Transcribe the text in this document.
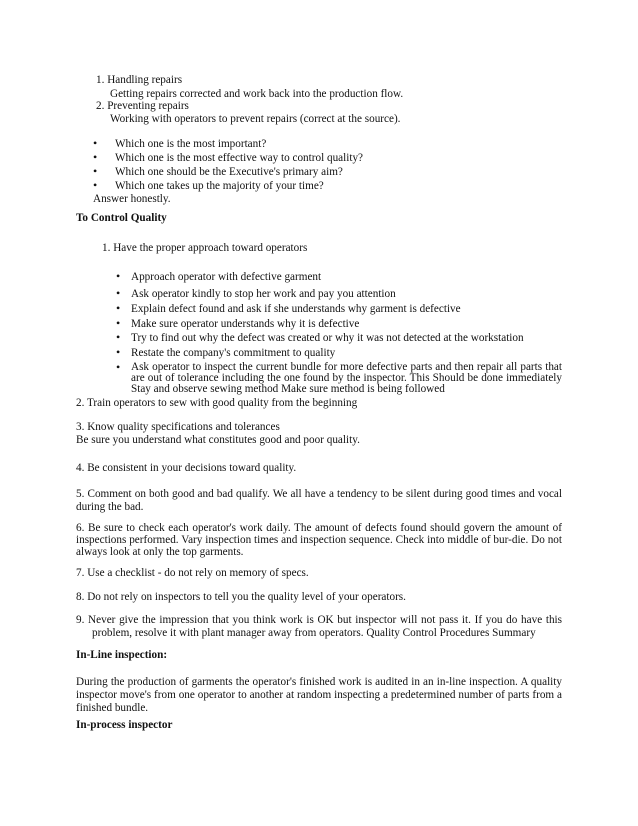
1. Handling repairs
Getting repairs corrected and work back into the production flow.
2. Preventing repairs
Working with operators to prevent repairs (correct at the source).
• Which one is the most important?
• Which one is the most effective way to control quality?
• Which one should be the Executive's primary aim?
• Which one takes up the majority of your time?
Answer honestly.
To Control Quality
1. Have the proper approach toward operators
• Approach operator with defective garment
• Ask operator kindly to stop her work and pay you attention
• Explain defect found and ask if she understands why garment is defective
• Make sure operator understands why it is defective
• Try to find out why the defect was created or why it was not detected at the workstation
• Restate the company's commitment to quality
• Ask operator to inspect the current bundle for more defective parts and then repair all parts that are out of tolerance including the one found by the inspector. This Should be done immediately Stay and observe sewing method Make sure method is being followed
2. Train operators to sew with good quality from the beginning
3. Know quality specifications and tolerances
Be sure you understand what constitutes good and poor quality.
4. Be consistent in your decisions toward quality.
5. Comment on both good and bad qualify. We all have a tendency to be silent during good times and vocal during the bad.
6. Be sure to check each operator's work daily. The amount of defects found should govern the amount of inspections performed. Vary inspection times and inspection sequence. Check into middle of bur-die. Do not always look at only the top garments.
7. Use a checklist - do not rely on memory of specs.
8. Do not rely on inspectors to tell you the quality level of your operators.
9. Never give the impression that you think work is OK but inspector will not pass it. If you do have this problem, resolve it with plant manager away from operators. Quality Control Procedures Summary
In-Line inspection:
During the production of garments the operator's finished work is audited in an in-line inspection. A quality inspector move's from one operator to another at random inspecting a predetermined number of parts from a finished bundle.
In-process inspector
